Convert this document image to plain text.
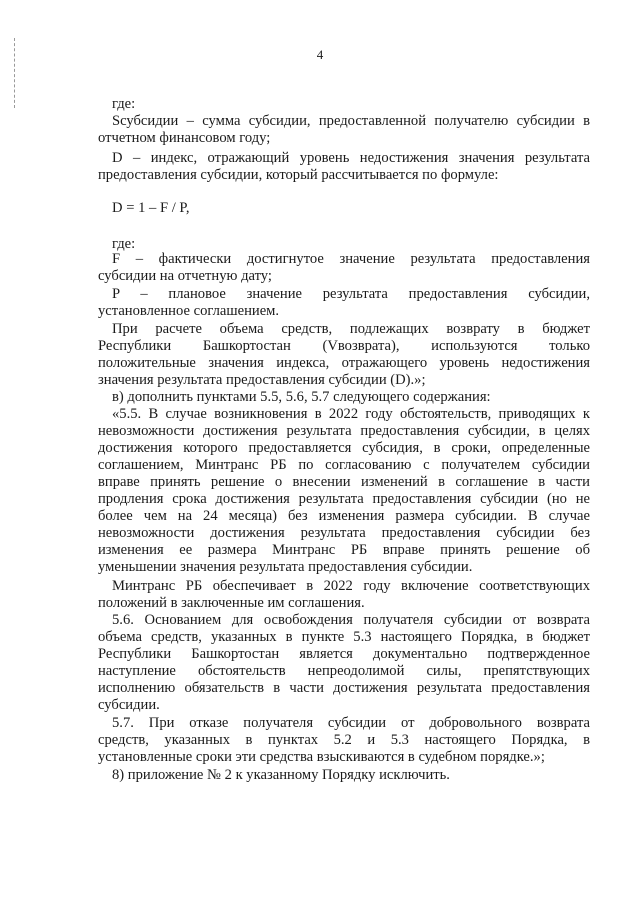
4
где:
Sсубсидии – сумма субсидии, предоставленной получателю субсидии в
отчетном финансовом году;
D – индекс, отражающий уровень недостижения значения результата
предоставления субсидии, который рассчитывается по формуле:
D = 1 – F / P,
где:
F – фактически достигнутое значение результата предоставления
субсидии на отчетную дату;
P – плановое значение результата предоставления субсидии,
установленное соглашением.
При расчете объема средств, подлежащих возврату в бюджет
Республики Башкортостан (Vвозврата), используются только
положительные значения индекса, отражающего уровень недостижения
значения результата предоставления субсидии (D).»;
в) дополнить пунктами 5.5, 5.6, 5.7 следующего содержания:
«5.5. В случае возникновения в 2022 году обстоятельств, приводящих к
невозможности достижения результата предоставления субсидии, в целях
достижения которого предоставляется субсидия, в сроки, определенные
соглашением, Минтранс РБ по согласованию с получателем субсидии
вправе принять решение о внесении изменений в соглашение в части
продления срока достижения результата предоставления субсидии (но не
более чем на 24 месяца) без изменения размера субсидии. В случае
невозможности достижения результата предоставления субсидии без
изменения ее размера Минтранс РБ вправе принять решение об
уменьшении значения результата предоставления субсидии.
Минтранс РБ обеспечивает в 2022 году включение соответствующих
положений в заключенные им соглашения.
5.6. Основанием для освобождения получателя субсидии от возврата
объема средств, указанных в пункте 5.3 настоящего Порядка, в бюджет
Республики Башкортостан является документально подтвержденное
наступление обстоятельств непреодолимой силы, препятствующих
исполнению обязательств в части достижения результата предоставления
субсидии.
5.7. При отказе получателя субсидии от добровольного возврата
средств, указанных в пунктах 5.2 и 5.3 настоящего Порядка, в
установленные сроки эти средства взыскиваются в судебном порядке.»;
8) приложение № 2 к указанному Порядку исключить.
